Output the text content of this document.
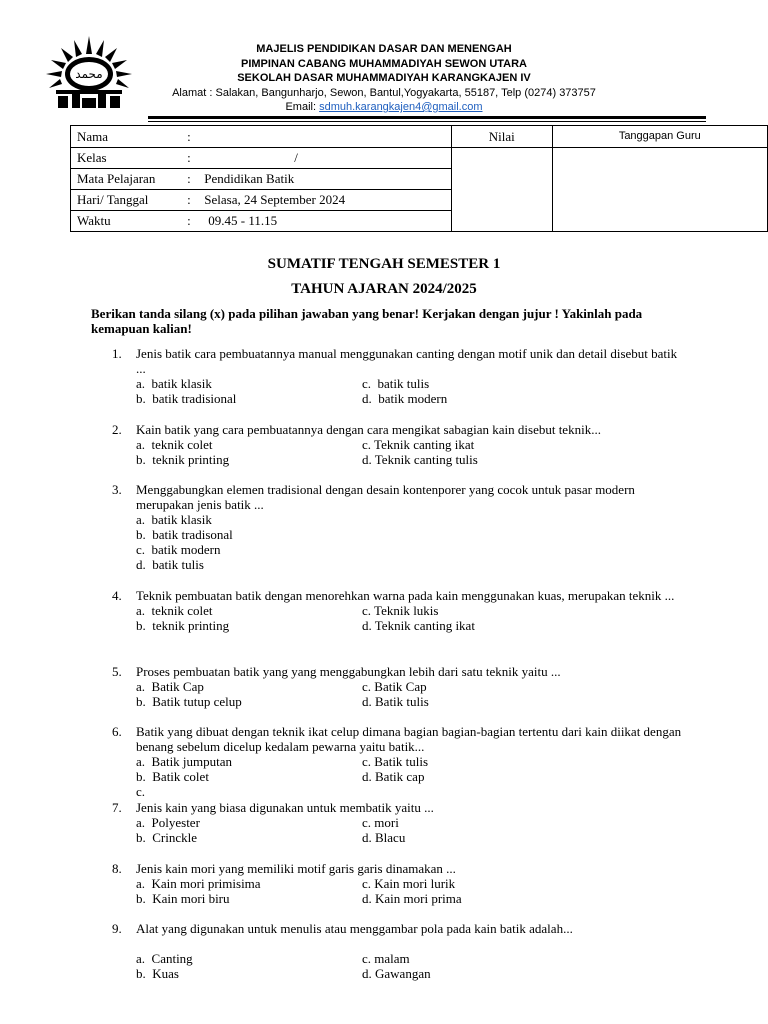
محمد
MAJELIS PENDIDIKAN DASAR DAN MENENGAH
PIMPINAN CABANG MUHAMMADIYAH SEWON UTARA
SEKOLAH DASAR MUHAMMADIYAH KARANGKAJEN IV
Alamat : Salakan, Bangunharjo, Sewon, Bantul,Yogyakarta, 55187, Telp (0274) 373757
Email: sdmuh.karangkajen4@gmail.com
Nama	:		Nilai	Tanggapan Guru
Kelas	:	/		
Mata Pelajaran	:	Pendidikan Batik		
Hari/ Tanggal	:	Selasa, 24 September 2024		
Waktu	:	09.45 - 11.15		
SUMATIF TENGAH SEMESTER 1
TAHUN AJARAN 2024/2025
Berikan tanda silang (x) pada pilihan jawaban yang benar! Kerjakan dengan jujur ! Yakinlah pada kemapuan kalian!
1.	Jenis batik cara pembuatannya manual menggunakan canting dengan motif unik dan detail disebut batik ...
a.  batik klasik	c.  batik tulis
b.  batik tradisional	d.  batik modern
2.	Kain batik yang cara pembuatannya dengan cara mengikat sabagian kain disebut teknik...
a.  teknik colet	c. Teknik canting ikat
b.  teknik printing	d. Teknik canting tulis
3.	Menggabungkan elemen tradisional dengan desain kontenporer yang cocok untuk pasar modern merupakan jenis batik ...
a.  batik klasik
b.  batik tradisonal
c.  batik modern
d.  batik tulis
4.	Teknik pembuatan batik dengan menorehkan warna pada kain menggunakan kuas, merupakan teknik ...
a.  teknik colet	c. Teknik lukis
b.  teknik printing	d. Teknik canting ikat
5.	Proses pembuatan batik yang yang menggabungkan lebih dari satu teknik yaitu ...
a.  Batik Cap	c. Batik Cap
b.  Batik tutup celup	d. Batik tulis
6.	Batik yang dibuat dengan teknik ikat celup dimana bagian bagian-bagian tertentu dari kain diikat dengan benang sebelum dicelup kedalam pewarna yaitu batik...
a.  Batik jumputan	c. Batik tulis
b.  Batik colet	d. Batik cap
c.
7.	Jenis kain yang biasa digunakan untuk membatik yaitu ...
a.  Polyester	c. mori
b.  Crinckle	d. Blacu
8.	Jenis kain mori yang memiliki motif garis garis dinamakan ...
a.  Kain mori primisima	c. Kain mori lurik
b.  Kain mori biru	d. Kain mori prima
9.	Alat yang digunakan untuk menulis atau menggambar pola pada kain batik adalah...
a.  Canting	c. malam
b.  Kuas	d. Gawangan
